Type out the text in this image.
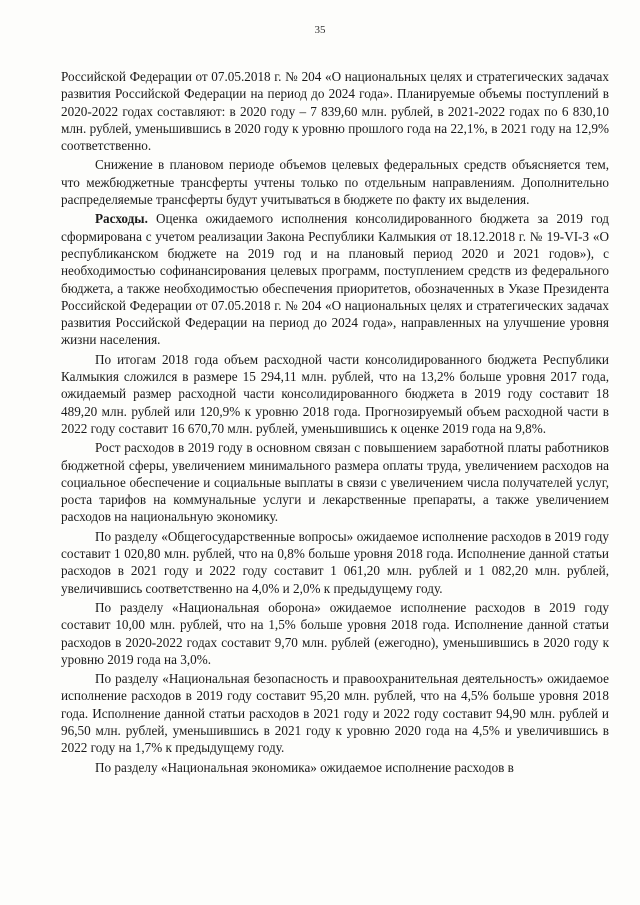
35

Российской Федерации от 07.05.2018 г. № 204 «О национальных целях и стратегических задачах развития Российской Федерации на период до 2024 года». Планируемые объемы поступлений в 2020-2022 годах составляют: в 2020 году – 7 839,60 млн. рублей, в 2021-2022 годах по 6 830,10 млн. рублей, уменьшившись в 2020 году к уровню прошлого года на 22,1%, в 2021 году на 12,9% соответственно.

Снижение в плановом периоде объемов целевых федеральных средств объясняется тем, что межбюджетные трансферты учтены только по отдельным направлениям. Дополнительно распределяемые трансферты будут учитываться в бюджете по факту их выделения.

Расходы. Оценка ожидаемого исполнения консолидированного бюджета за 2019 год сформирована с учетом реализации Закона Республики Калмыкия от 18.12.2018 г. № 19-VI-З «О республиканском бюджете на 2019 год и на плановый период 2020 и 2021 годов»), с необходимостью софинансирования целевых программ, поступлением средств из федерального бюджета, а также необходимостью обеспечения приоритетов, обозначенных в Указе Президента Российской Федерации от 07.05.2018 г. № 204 «О национальных целях и стратегических задачах развития Российской Федерации на период до 2024 года», направленных на улучшение уровня жизни населения.

По итогам 2018 года объем расходной части консолидированного бюджета Республики Калмыкия сложился в размере 15 294,11 млн. рублей, что на 13,2% больше уровня 2017 года, ожидаемый размер расходной части консолидированного бюджета в 2019 году составит 18 489,20 млн. рублей или 120,9% к уровню 2018 года. Прогнозируемый объем расходной части в 2022 году составит 16 670,70 млн. рублей, уменьшившись к оценке 2019 года на 9,8%.

Рост расходов в 2019 году в основном связан с повышением заработной платы работников бюджетной сферы, увеличением минимального размера оплаты труда, увеличением расходов на социальное обеспечение и социальные выплаты в связи с увеличением числа получателей услуг, роста тарифов на коммунальные услуги и лекарственные препараты, а также увеличением расходов на национальную экономику.

По разделу «Общегосударственные вопросы» ожидаемое исполнение расходов в 2019 году составит 1 020,80 млн. рублей, что на 0,8% больше уровня 2018 года. Исполнение данной статьи расходов в 2021 году и 2022 году составит 1 061,20 млн. рублей и 1 082,20 млн. рублей, увеличившись соответственно на 4,0% и 2,0% к предыдущему году.

По разделу «Национальная оборона» ожидаемое исполнение расходов в 2019 году составит 10,00 млн. рублей, что на 1,5% больше уровня 2018 года. Исполнение данной статьи расходов в 2020-2022 годах составит 9,70 млн. рублей (ежегодно), уменьшившись в 2020 году к уровню 2019 года на 3,0%.

По разделу «Национальная безопасность и правоохранительная деятельность» ожидаемое исполнение расходов в 2019 году составит 95,20 млн. рублей, что на 4,5% больше уровня 2018 года. Исполнение данной статьи расходов в 2021 году и 2022 году составит 94,90 млн. рублей и 96,50 млн. рублей, уменьшившись в 2021 году к уровню 2020 года на 4,5% и увеличившись в 2022 году на 1,7% к предыдущему году.

По разделу «Национальная экономика» ожидаемое исполнение расходов в
